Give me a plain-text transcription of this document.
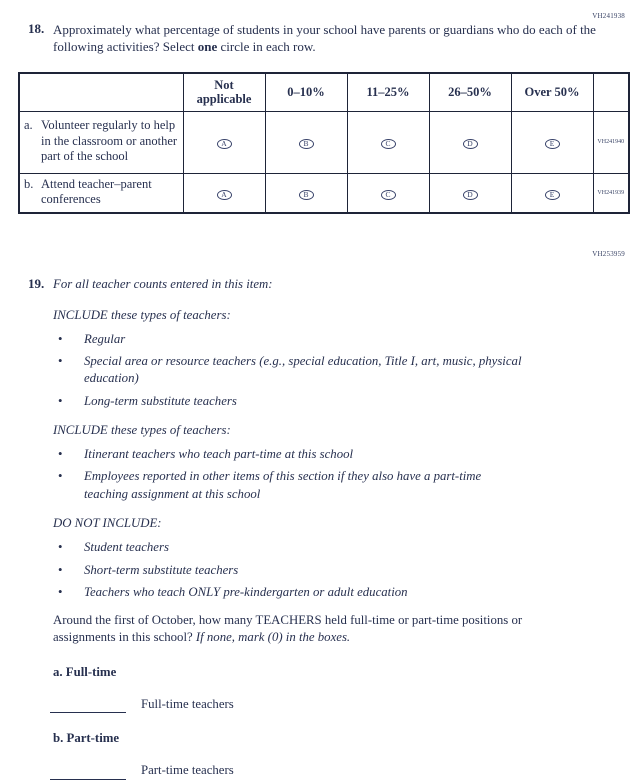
VH241938
18. Approximately what percentage of students in your school have parents or guardians who do each of the following activities? Select one circle in each row.
	Not applicable	0–10%	11–25%	26–50%	Over 50%	

a. Volunteer regularly to help in the classroom or another part of the school	A	B	C	D	E	VH241940

b. Attend teacher–parent conferences	A	B	C	D	E	VH241939
VH253959
19. For all teacher counts entered in this item:

INCLUDE these types of teachers:

• Regular
• Special area or resource teachers (e.g., special education, Title I, art, music, physical education)
• Long-term substitute teachers

INCLUDE these types of teachers:

• Itinerant teachers who teach part-time at this school
• Employees reported in other items of this section if they also have a part-time teaching assignment at this school

DO NOT INCLUDE:

• Student teachers
• Short-term substitute teachers
• Teachers who teach ONLY pre-kindergarten or adult education

Around the first of October, how many TEACHERS held full-time or part-time positions or assignments in this school? If none, mark (0) in the boxes.

a. Full-time

Full-time teachers

b. Part-time

Part-time teachers
